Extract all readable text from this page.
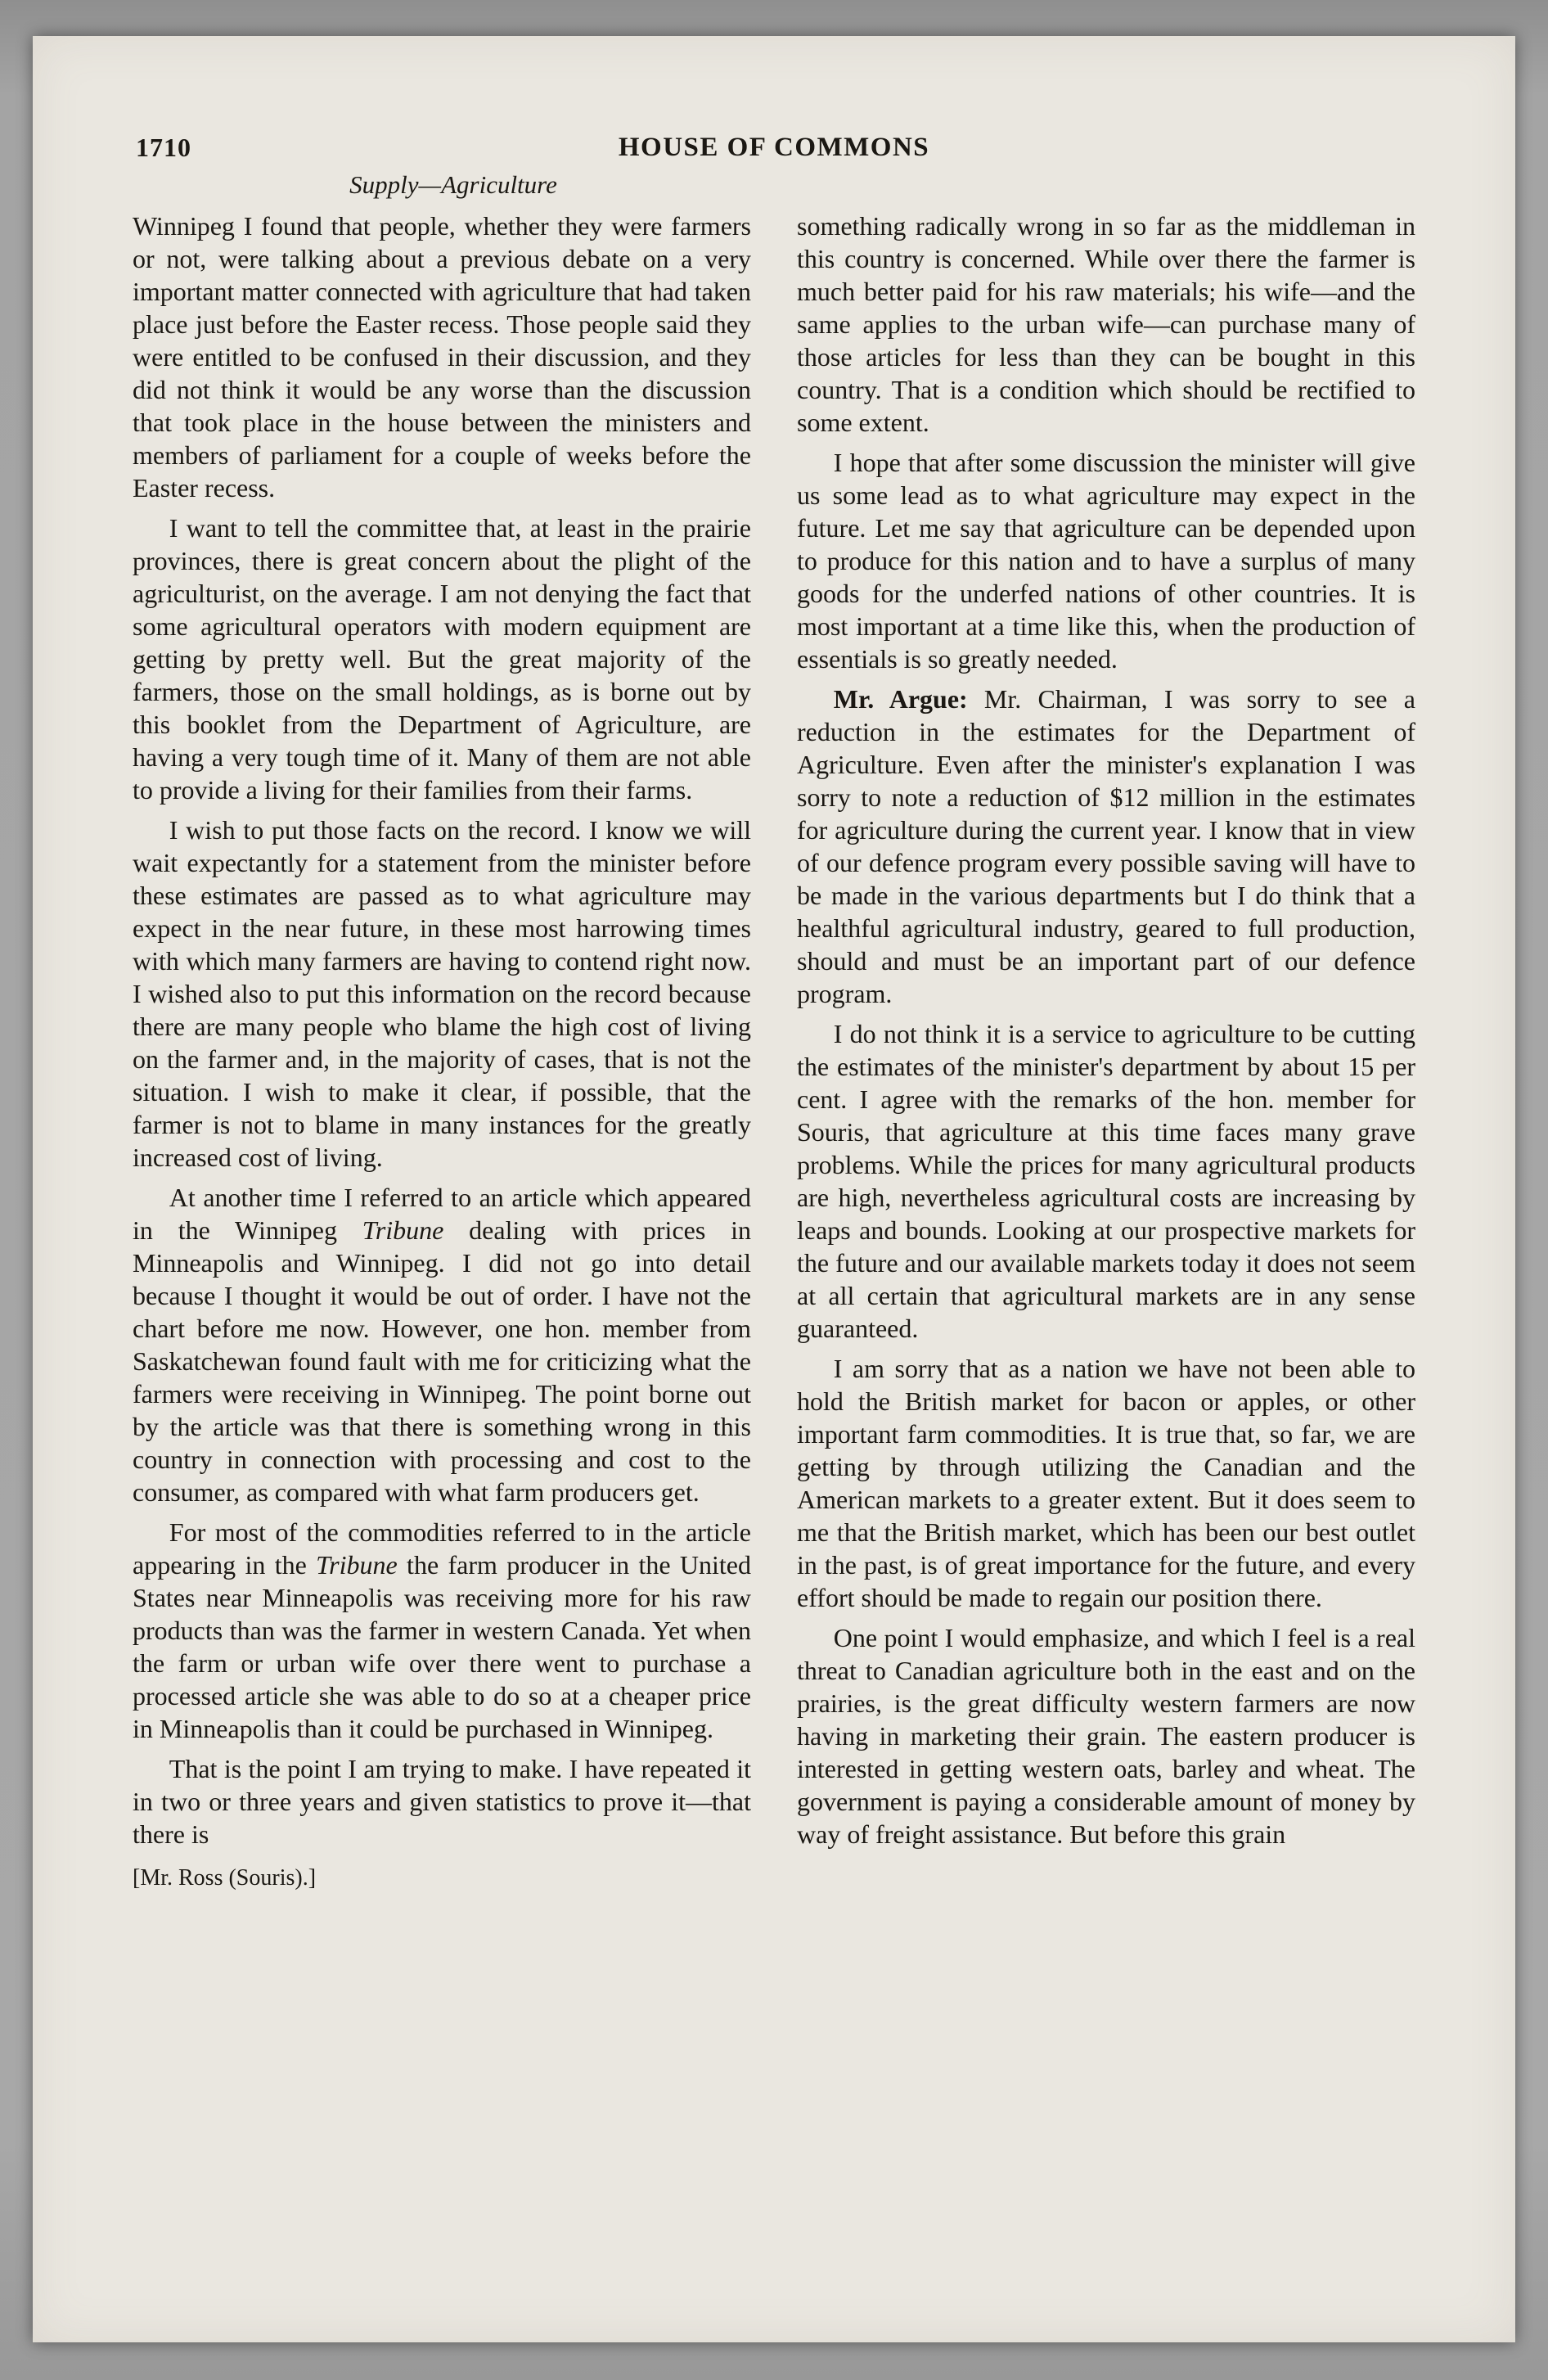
1710	HOUSE OF COMMONS
Supply—Agriculture

Winnipeg I found that people, whether they were farmers or not, were talking about a previous debate on a very important matter connected with agriculture that had taken place just before the Easter recess. Those people said they were entitled to be confused in their discussion, and they did not think it would be any worse than the discussion that took place in the house between the ministers and members of parliament for a couple of weeks before the Easter recess.

I want to tell the committee that, at least in the prairie provinces, there is great concern about the plight of the agriculturist, on the average. I am not denying the fact that some agricultural operators with modern equipment are getting by pretty well. But the great majority of the farmers, those on the small holdings, as is borne out by this booklet from the Department of Agriculture, are having a very tough time of it. Many of them are not able to provide a living for their families from their farms.

I wish to put those facts on the record. I know we will wait expectantly for a statement from the minister before these estimates are passed as to what agriculture may expect in the near future, in these most harrowing times with which many farmers are having to contend right now. I wished also to put this information on the record because there are many people who blame the high cost of living on the farmer and, in the majority of cases, that is not the situation. I wish to make it clear, if possible, that the farmer is not to blame in many instances for the greatly increased cost of living.

At another time I referred to an article which appeared in the Winnipeg Tribune dealing with prices in Minneapolis and Winnipeg. I did not go into detail because I thought it would be out of order. I have not the chart before me now. However, one hon. member from Saskatchewan found fault with me for criticizing what the farmers were receiving in Winnipeg. The point borne out by the article was that there is something wrong in this country in connection with processing and cost to the consumer, as compared with what farm producers get.

For most of the commodities referred to in the article appearing in the Tribune the farm producer in the United States near Minneapolis was receiving more for his raw products than was the farmer in western Canada. Yet when the farm or urban wife over there went to purchase a processed article she was able to do so at a cheaper price in Minneapolis than it could be purchased in Winnipeg.

That is the point I am trying to make. I have repeated it in two or three years and given statistics to prove it—that there is

[Mr. Ross (Souris).]

something radically wrong in so far as the middleman in this country is concerned. While over there the farmer is much better paid for his raw materials; his wife—and the same applies to the urban wife—can purchase many of those articles for less than they can be bought in this country. That is a condition which should be rectified to some extent.

I hope that after some discussion the minister will give us some lead as to what agriculture may expect in the future. Let me say that agriculture can be depended upon to produce for this nation and to have a surplus of many goods for the underfed nations of other countries. It is most important at a time like this, when the production of essentials is so greatly needed.

Mr. Argue: Mr. Chairman, I was sorry to see a reduction in the estimates for the Department of Agriculture. Even after the minister's explanation I was sorry to note a reduction of $12 million in the estimates for agriculture during the current year. I know that in view of our defence program every possible saving will have to be made in the various departments but I do think that a healthful agricultural industry, geared to full production, should and must be an important part of our defence program.

I do not think it is a service to agriculture to be cutting the estimates of the minister's department by about 15 per cent. I agree with the remarks of the hon. member for Souris, that agriculture at this time faces many grave problems. While the prices for many agricultural products are high, nevertheless agricultural costs are increasing by leaps and bounds. Looking at our prospective markets for the future and our available markets today it does not seem at all certain that agricultural markets are in any sense guaranteed.

I am sorry that as a nation we have not been able to hold the British market for bacon or apples, or other important farm commodities. It is true that, so far, we are getting by through utilizing the Canadian and the American markets to a greater extent. But it does seem to me that the British market, which has been our best outlet in the past, is of great importance for the future, and every effort should be made to regain our position there.

One point I would emphasize, and which I feel is a real threat to Canadian agriculture both in the east and on the prairies, is the great difficulty western farmers are now having in marketing their grain. The eastern producer is interested in getting western oats, barley and wheat. The government is paying a considerable amount of money by way of freight assistance. But before this grain
